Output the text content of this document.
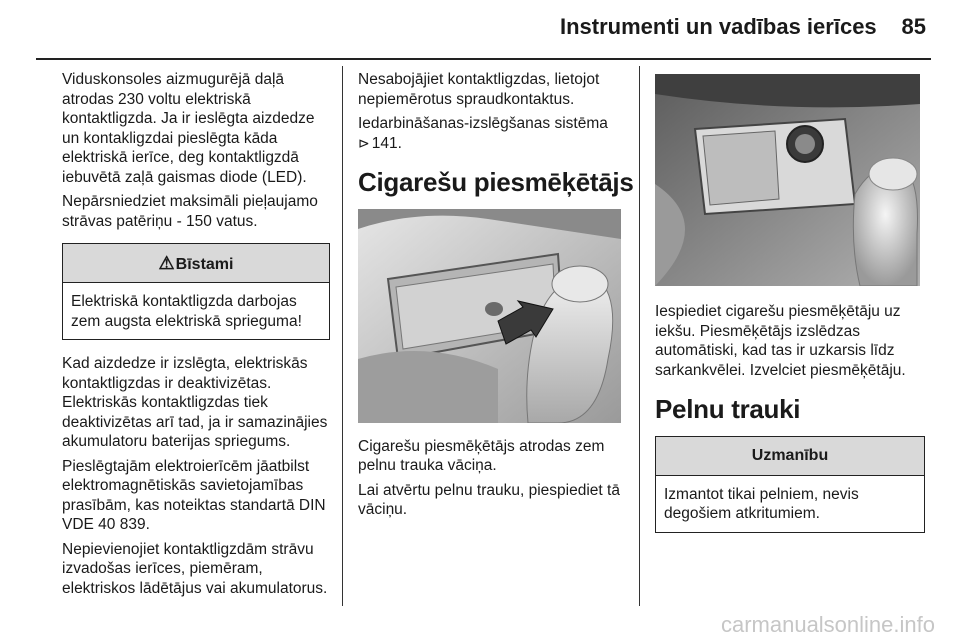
Instrumenti un vadības ierīces	85

Viduskonsoles aizmugurējā daļā atrodas 230 voltu elektriskā kontaktligzda. Ja ir ieslēgta aizdedze un kontakligzdai pieslēgta kāda elektriskā ierīce, deg kontaktligzdā iebuvētā zaļā gaismas diode (LED).

Nepārsniedziet maksimāli pieļaujamo strāvas patēriņu - 150 vatus.

⚠Bīstami

Elektriskā kontaktligzda darbojas zem augsta elektriskā sprieguma!

Kad aizdedze ir izslēgta, elektriskās kontaktligzdas ir deaktivizētas. Elektriskās kontaktligzdas tiek deaktivizētas arī tad, ja ir samazinājies akumulatoru baterijas spriegums.

Pieslēgtajām elektroierīcēm jāatbilst elektromagnētiskās savietojamības prasībām, kas noteiktas standartā DIN VDE 40 839.

Nepievienojiet kontaktligzdām strāvu izvadošas ierīces, piemēram, elektriskos lādētājus vai akumulatorus.

Nesabojājiet kontaktligzdas, lietojot nepiemērotus spraudkontaktus.

Iedarbināšanas-izslēgšanas sistēma
⊳ 141.

Cigarešu piesmēķētājs

Cigarešu piesmēķētājs atrodas zem pelnu trauka vāciņa.

Lai atvērtu pelnu trauku, piespiediet tā vāciņu.

Iespiediet cigarešu piesmēķētāju uz iekšu. Piesmēķētājs izslēdzas automātiski, kad tas ir uzkarsis līdz sarkankvēlei. Izvelciet piesmēķētāju.

Pelnu trauki
Uzmanību

Izmantot tikai pelniem, nevis degošiem atkritumiem.

carmanualsonline.info
